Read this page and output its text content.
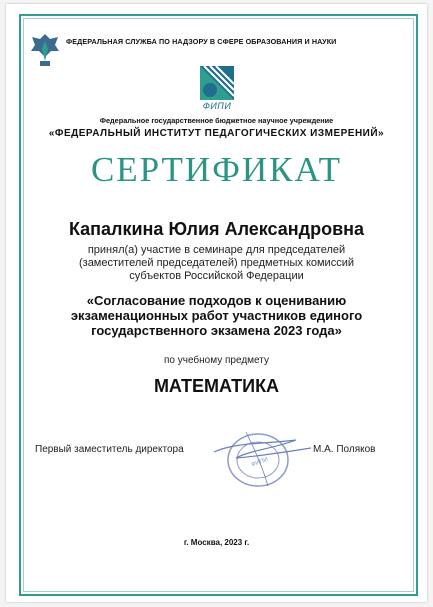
ФЕДЕРАЛЬНАЯ СЛУЖБА ПО НАДЗОРУ В СФЕРЕ ОБРАЗОВАНИЯ И НАУКИ
ФИПИ
Федеральное государственное бюджетное научное учреждение
«ФЕДЕРАЛЬНЫЙ ИНСТИТУТ ПЕДАГОГИЧЕСКИХ ИЗМЕРЕНИЙ»
СЕРТИФИКАТ
Капалкина Юлия Александровна
принял(а) участие в семинаре для председателей
(заместителей председателей) предметных комиссий
субъектов Российской Федерации
«Согласование подходов к оцениванию
экзаменационных работ участников единого
государственного экзамена 2023 года»
по учебному предмету
МАТЕМАТИКА
ФИПИ
Первый заместитель директора	М.А. Поляков
г. Москва, 2023 г.
